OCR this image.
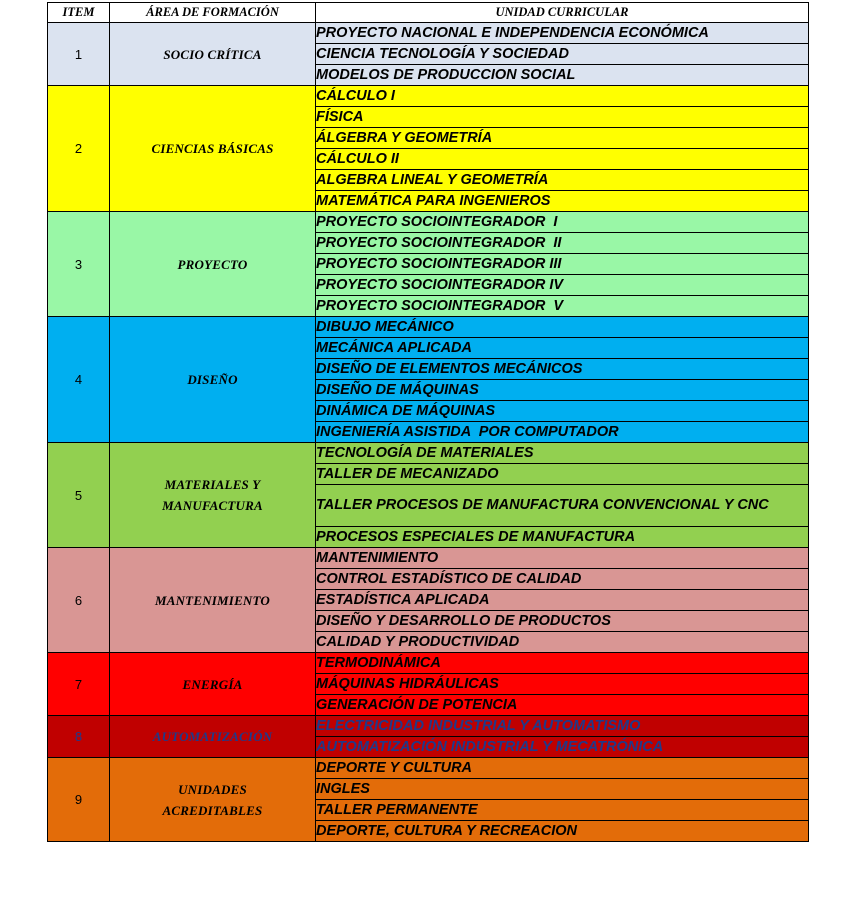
ITEM	ÁREA DE FORMACIÓN	UNIDAD CURRICULAR
1	SOCIO CRÍTICA	PROYECTO NACIONAL E INDEPENDENCIA ECONÓMICA
		CIENCIA TECNOLOGÍA Y SOCIEDAD
		MODELOS DE PRODUCCION SOCIAL
2	CIENCIAS BÁSICAS	CÁLCULO I
		FÍSICA
		ÁLGEBRA Y GEOMETRÍA
		CÁLCULO II
		ALGEBRA LINEAL Y GEOMETRÍA
		MATEMÁTICA PARA INGENIEROS
3	PROYECTO	PROYECTO SOCIOINTEGRADOR  I
		PROYECTO SOCIOINTEGRADOR  II
		PROYECTO SOCIOINTEGRADOR III
		PROYECTO SOCIOINTEGRADOR IV
		PROYECTO SOCIOINTEGRADOR  V
4	DISEÑO	DIBUJO MECÁNICO
		MECÁNICA APLICADA
		DISEÑO DE ELEMENTOS MECÁNICOS
		DISEÑO DE MÁQUINAS
		DINÁMICA DE MÁQUINAS
		INGENIERÍA ASISTIDA  POR COMPUTADOR
5	MATERIALES Y MANUFACTURA	TECNOLOGÍA DE MATERIALES
		TALLER DE MECANIZADO
		TALLER PROCESOS DE MANUFACTURA CONVENCIONAL Y CNC
		PROCESOS ESPECIALES DE MANUFACTURA
6	MANTENIMIENTO	MANTENIMIENTO
		CONTROL ESTADÍSTICO DE CALIDAD
		ESTADÍSTICA APLICADA
		DISEÑO Y DESARROLLO DE PRODUCTOS
		CALIDAD Y PRODUCTIVIDAD
7	ENERGÍA	TERMODINÁMICA
		MÁQUINAS HIDRÁULICAS
		GENERACIÓN DE POTENCIA
8	AUTOMATIZACIÓN	ELECTRICIDAD INDUSTRIAL Y AUTOMATISMO
		AUTOMATIZACIÓN INDUSTRIAL Y MECATRÓNICA
9	UNIDADES ACREDITABLES	DEPORTE Y CULTURA
		INGLES
		TALLER PERMANENTE
		DEPORTE, CULTURA Y RECREACION
